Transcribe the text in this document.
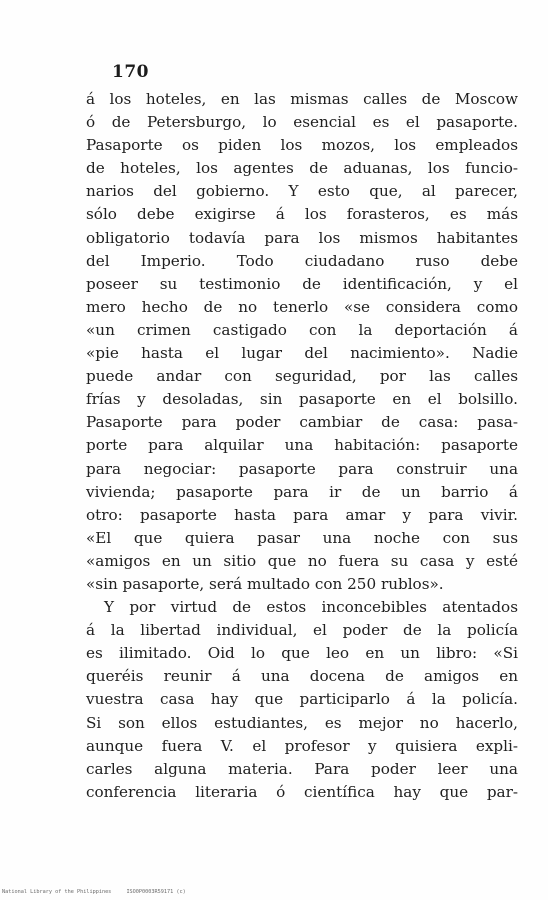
170
á los hoteles, en las mismas calles de Moscow
ó de Petersburgo, lo esencial es el pasaporte.
Pasaporte os piden los mozos, los empleados
de hoteles, los agentes de aduanas, los funcio-
narios del gobierno. Y esto que, al parecer,
sólo debe exigirse á los forasteros, es más
obligatorio todavía para los mismos habitantes
del Imperio. Todo ciudadano ruso debe
poseer su testimonio de identificación, y el
mero hecho de no tenerlo «se considera como
«un crimen castigado con la deportación á
«pie hasta el lugar del nacimiento». Nadie
puede andar con seguridad, por las calles
frías y desoladas, sin pasaporte en el bolsillo.
Pasaporte para poder cambiar de casa: pasa-
porte para alquilar una habitación: pasaporte
para negociar: pasaporte para construir una
vivienda; pasaporte para ir de un barrio á
otro: pasaporte hasta para amar y para vivir.
«El que quiera pasar una noche con sus
«amigos en un sitio que no fuera su casa y esté
«sin pasaporte, será multado con 250 rublos».
Y por virtud de estos inconcebibles atentados
á la libertad individual, el poder de la policía
es ilimitado. Oid lo que leo en un libro: «Si
queréis reunir á una docena de amigos en
vuestra casa hay que participarlo á la policía.
Si son ellos estudiantes, es mejor no hacerlo,
aunque fuera V. el profesor y quisiera expli-
carles alguna materia. Para poder leer una
conferencia literaria ó científica hay que par-
National Library of the Philippines	ISO0P0003R59171 (c)
